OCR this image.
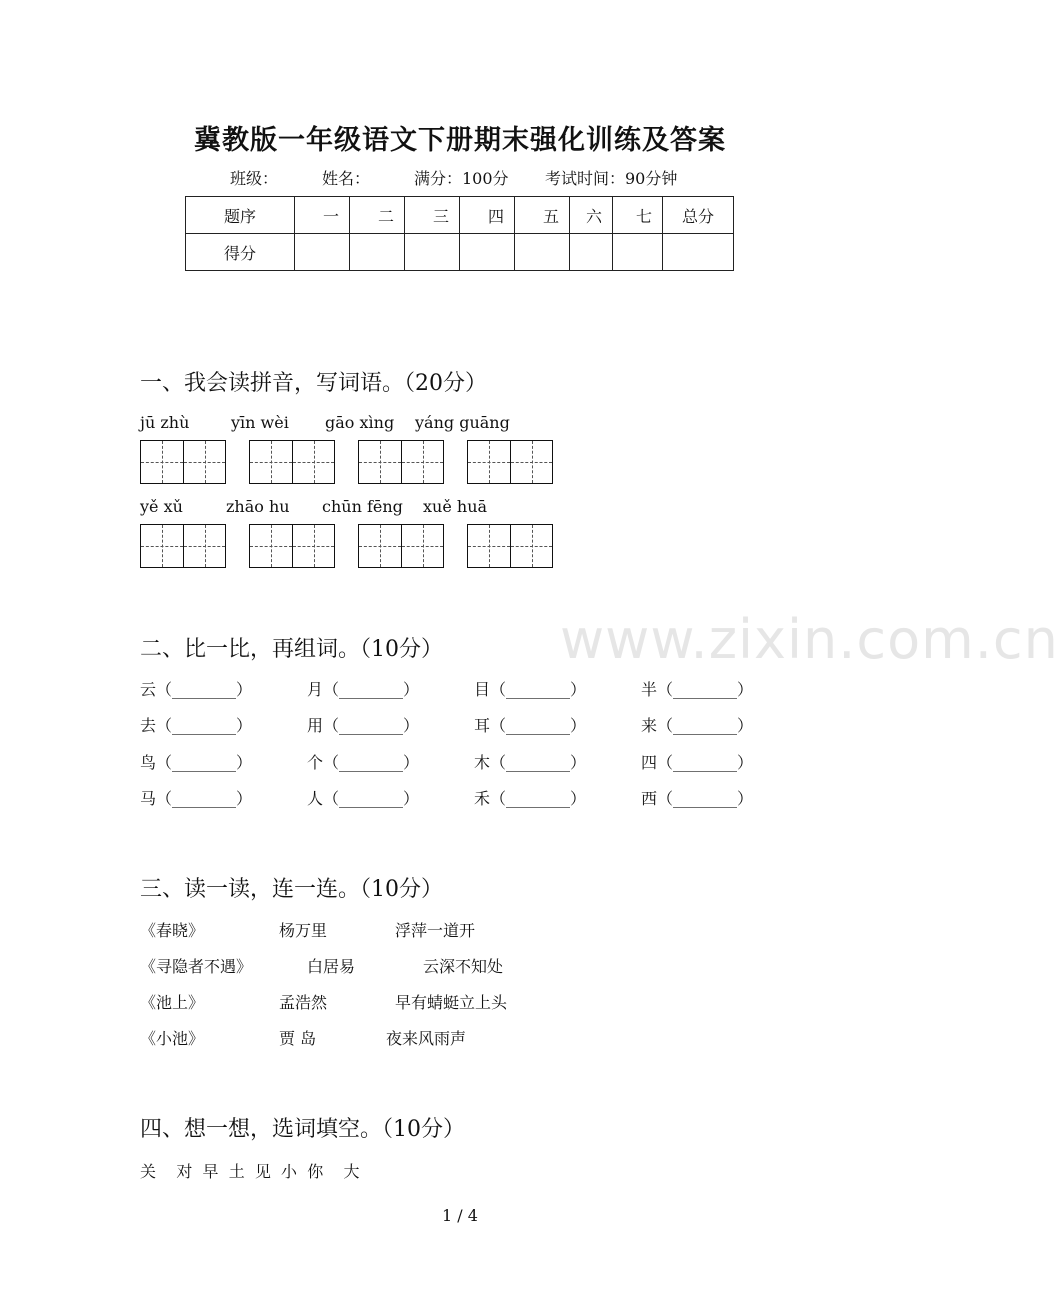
冀教版一年级语文下册期末强化训练及答案
班级：	姓名：	满分：100分 考试时间：90分钟
题序	一	二	三	四	五	六	七	总分
得分								
一、我会读拼音，写词语。（20分）
jū zhù	yīn wèi gāo xìng yáng guāng
yě xǔ	zhāo hu chūn fēng xuě huā
www.zixin.com.cn
二、比一比，再组词。（10分）
云（________）	月（________）	目（________）	半（________）
去（________）	用（________）	耳（________）	来（________）
鸟（________）	个（________）	木（________）	四（________）
马（________）	人（________）	禾（________）	西（________）
三、读一读，连一连。（10分）
《春晓》	杨万里	浮萍一道开
《寻隐者不遇》	白居易	云深不知处
《池上》	孟浩然	早有蜻蜓立上头
《小池》	贾 岛	夜来风雨声
四、想一想，选词填空。（10分）
关    对  早  土  见  小  你    大
1 / 4
